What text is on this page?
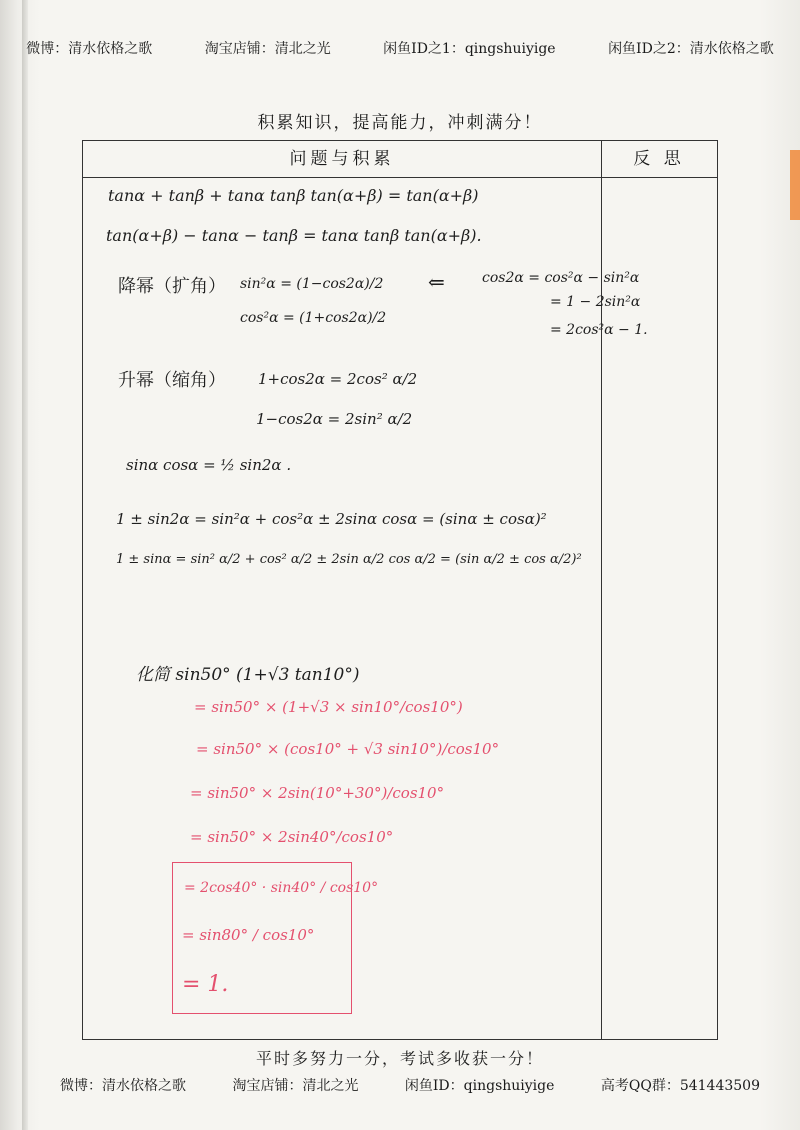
微博：清水依格之歌	淘宝店铺：清北之光	闲鱼ID之1：qingshuiyige	闲鱼ID之2：清水依格之歌
积累知识，提高能力，冲刺满分！
问题与积累	反 思
tanα + tanβ + tanα tanβ tan(α+β) = tan(α+β)
tan(α+β) − tanα − tanβ = tanα tanβ tan(α+β).
降幂（扩角） sin²α = (1−cos2α)/2 ⇐	cos2α = cos²α − sin²α
cos²α = (1+cos2α)/2
= 1 − 2sin²α
= 2cos²α − 1.
升幂（缩角） 1+cos2α = 2cos² α/2
1−cos2α = 2sin² α/2
sinα cosα = ½ sin2α .
1 ± sin2α = sin²α + cos²α ± 2sinα cosα = (sinα ± cosα)²
1 ± sinα = sin² α/2 + cos² α/2 ± 2sin α/2 cos α/2 = (sin α/2 ± cos α/2)²
化简 sin50° (1+√3 tan10°)
= sin50° × (1+√3 × sin10°/cos10°)
= sin50° × (cos10° + √3 sin10°)/cos10°
= sin50° × 2sin(10°+30°)/cos10°
= sin50° × 2sin40°/cos10°
= 2cos40° · sin40° / cos10°
= sin80° / cos10°
= 1.
平时多努力一分，考试多收获一分！
微博：清水依格之歌	淘宝店铺：清北之光	闲鱼ID：qingshuiyige	高考QQ群：541443509
